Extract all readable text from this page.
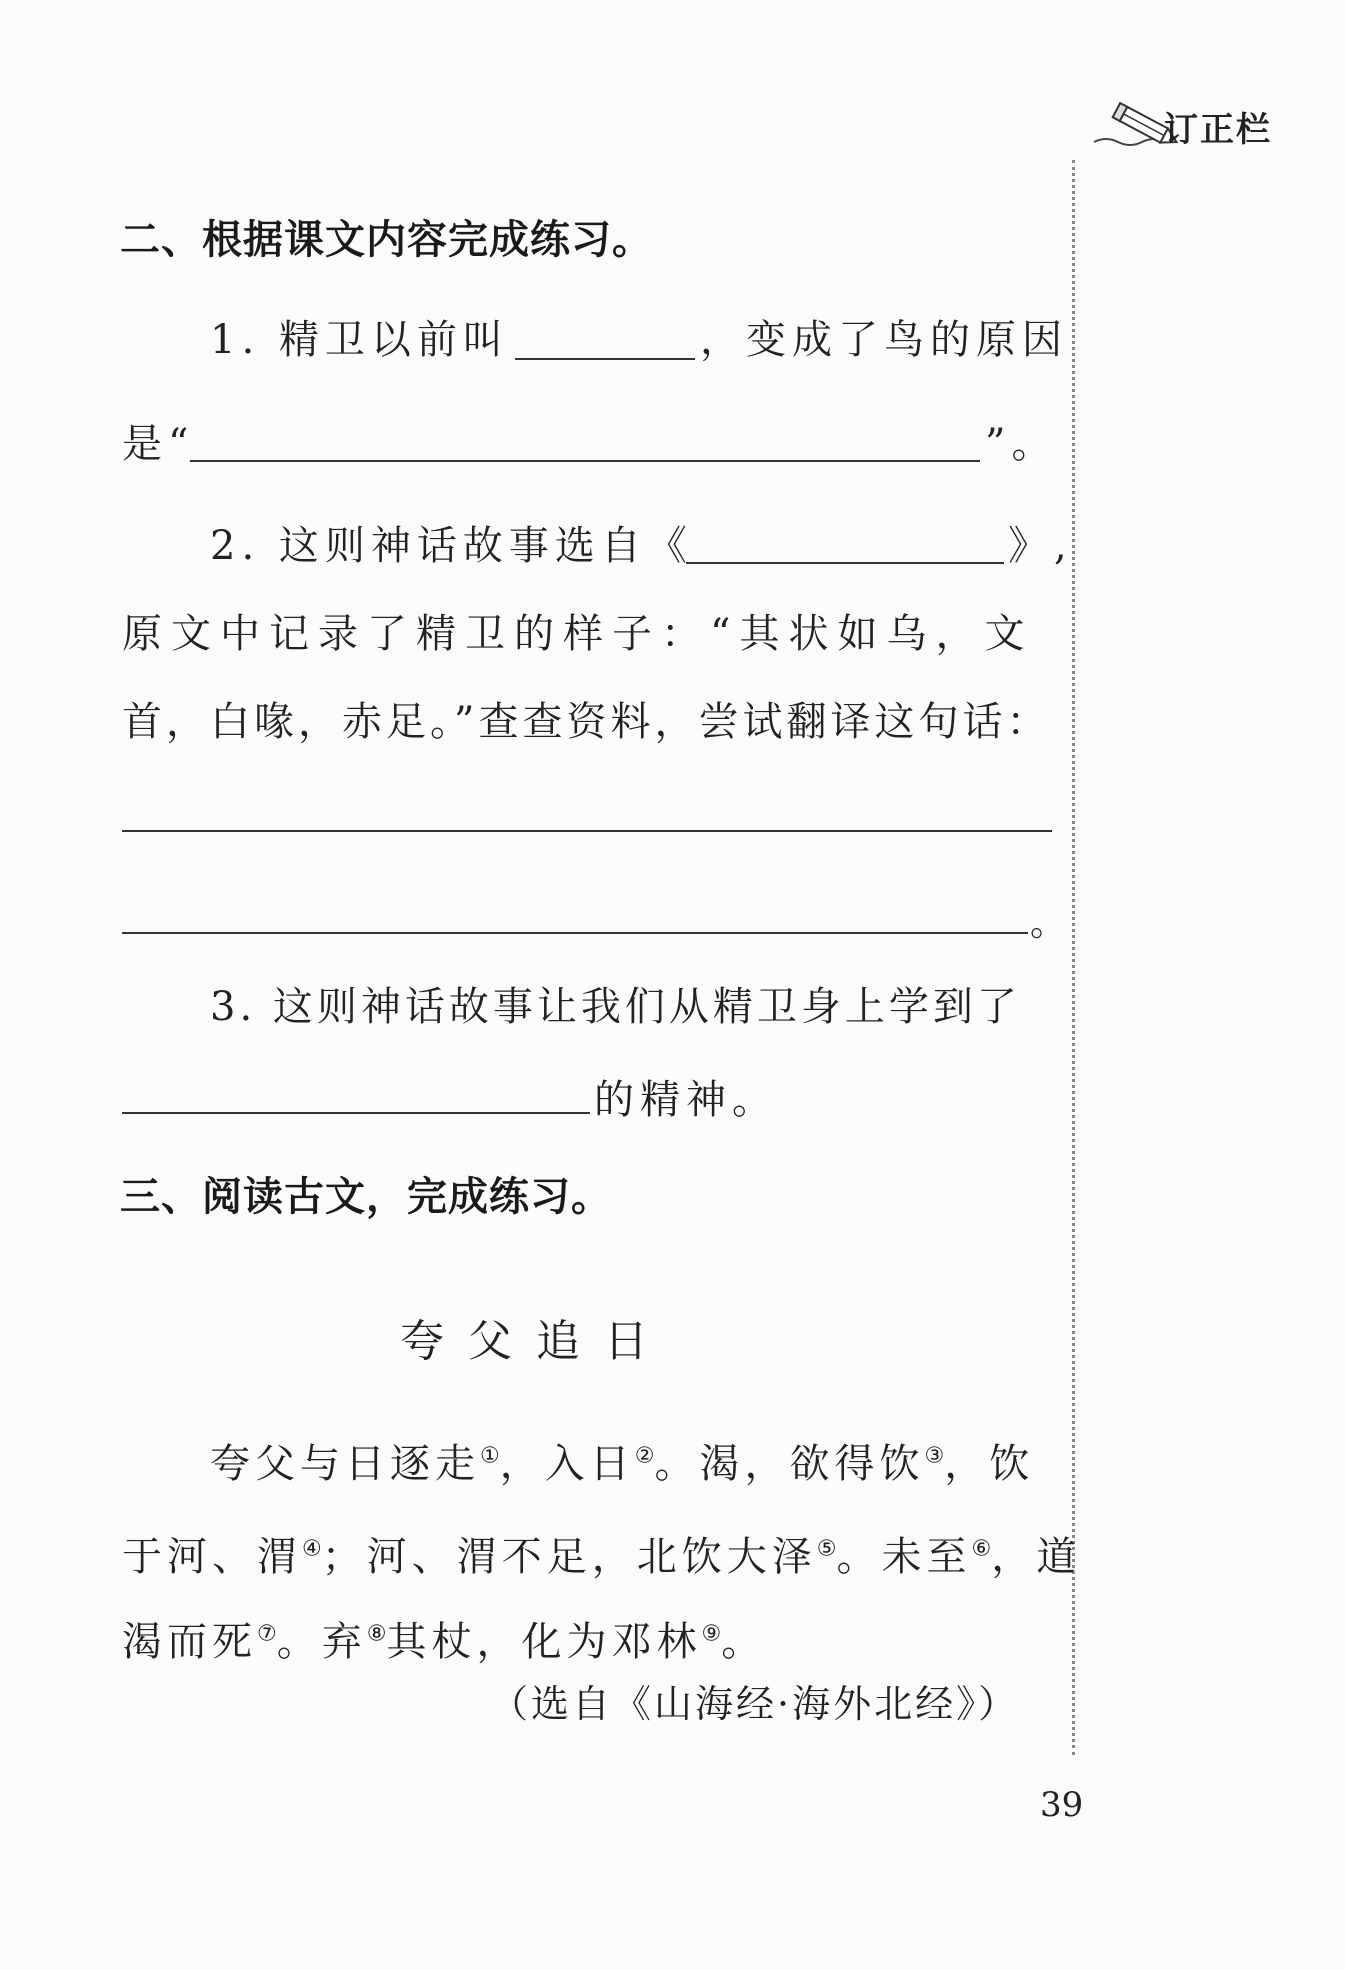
订正栏
二、根据课文内容完成练习。
1. 精卫以前叫	，变成了鸟的原因
是“	”。
2. 这则神话故事选自《	》,
原文中记录了精卫的样子：“其状如乌，文
首，白喙，赤足。”查查资料，尝试翻译这句话：
。
3. 这则神话故事让我们从精卫身上学到了
的精神。
三、阅读古文，完成练习。
夸父追日
夸父与日逐走①，入日②。渴，欲得饮③，饮
于河、渭④；河、渭不足，北饮大泽⑤。未至⑥，道
渴而死⑦。弃⑧其杖，化为邓林⑨。
（选自《山海经·海外北经》）
39
